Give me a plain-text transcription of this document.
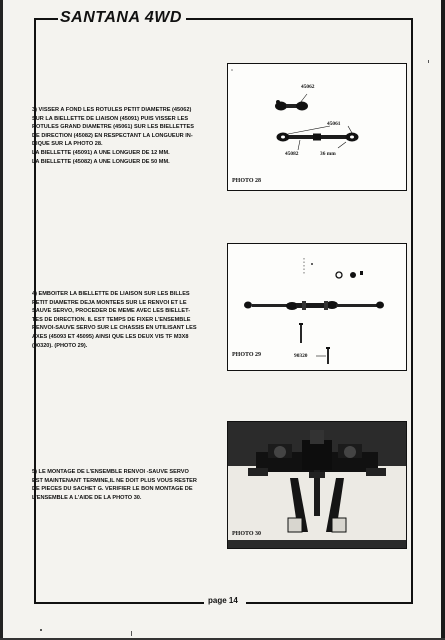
SANTANA 4WD

3) VISSER A FOND LES ROTULES PETIT DIAMETRE (45062)

SUR LA BIELLETTE DE LIAISON (45091) PUIS VISSER LES

ROTULES GRAND DIAMETRE (45061) SUR LES BIELLETTES

DE DIRECTION (45082) EN RESPECTANT LA LONGUEUR IN-

DIQUE SUR LA PHOTO 28.

LA BIELLETTE (45091) A UNE LONGUER DE 12 MM.

LA BIELLETTE (45082) A UNE LONGUER DE 50 MM.

45062
45061
45082	36 mm
PHOTO 28

4) EMBOITER LA BIELLETTE DE LIAISON SUR LES BILLES

PETIT DIAMETRE DEJA MONTEES SUR LE RENVOI ET LE

SAUVE SERVO, PROCEDER DE MEME AVEC LES BIELLET-

TES DE DIRECTION. IL EST TEMPS DE FIXER L'ENSEMBLE

RENVOI-SAUVE SERVO SUR LE CHASSIS EN UTILISANT LES

AXES (45093 ET 45095) AINSI QUE LES DEUX VIS TF M3X8

(90320). (PHOTO 29).

PHOTO 29	90320

5) LE MONTAGE DE L'ENSEMBLE RENVOI -SAUVE SERVO

EST MAINTENANT TERMINE,IL NE DOIT PLUS VOUS RESTER

DE PIECES DU SACHET G. VERIFIER LE BON MONTAGE DE

L'ENSEMBLE A L'AIDE DE LA PHOTO 30.

PHOTO 30
page 14
